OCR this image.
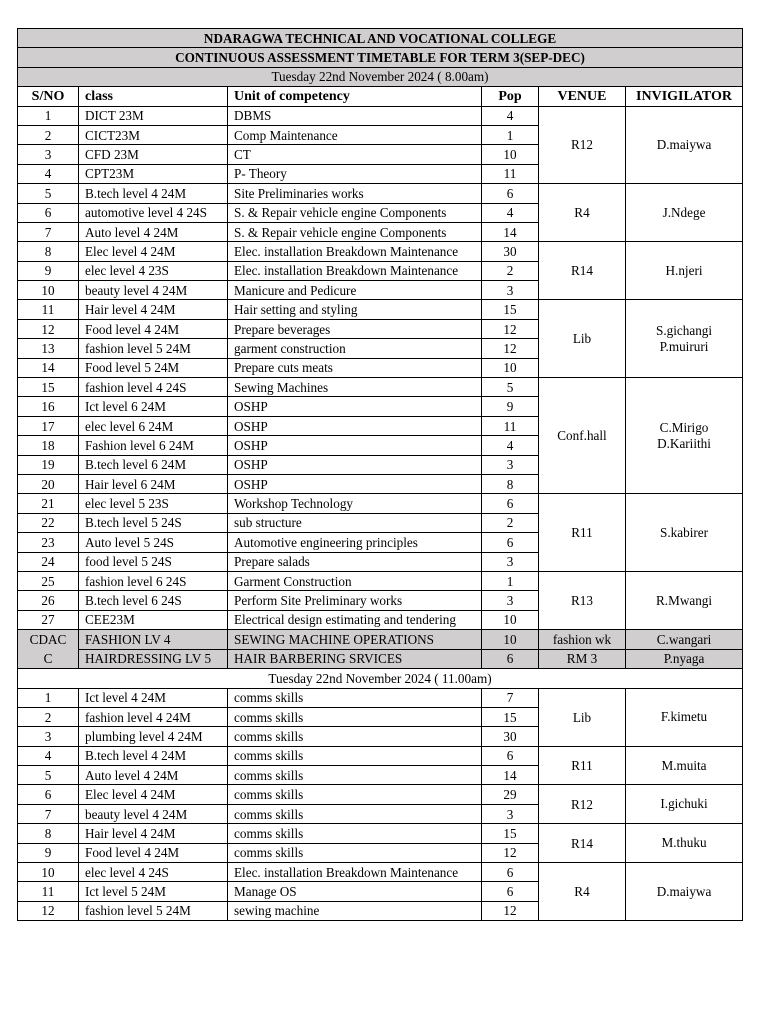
NDARAGWA TECHNICAL AND VOCATIONAL COLLEGE					
CONTINUOUS ASSESSMENT TIMETABLE FOR TERM 3(SEP-DEC)					
Tuesday 22nd November 2024 ( 8.00am)					
S/NO	class	Unit of competency	Pop	VENUE	INVIGILATOR
1	DICT 23M	DBMS	4	R12	D.maiywa
2	CICT23M	Comp Maintenance	1		
3	CFD 23M	CT	10		
4	CPT23M	P- Theory	11		
5	B.tech level 4 24M	Site Preliminaries works	6	R4	J.Ndege
6	automotive level 4 24S	S. & Repair vehicle engine Components	4		
7	Auto level 4 24M	S. & Repair vehicle engine Components	14		
8	Elec level 4 24M	Elec. installation Breakdown Maintenance	30	R14	H.njeri
9	elec level 4 23S	Elec. installation Breakdown Maintenance	2		
10	beauty level 4 24M	Manicure and Pedicure	3		
11	Hair level 4 24M	Hair setting and styling	15	Lib	S.gichangi P.muiruri
12	Food level 4 24M	Prepare beverages	12		
13	fashion level 5 24M	garment construction	12		
14	Food level 5 24M	Prepare cuts meats	10		
15	fashion level 4 24S	Sewing Machines	5	Conf.hall	C.Mirigo D.Kariithi
16	Ict level 6 24M	OSHP	9		
17	elec level 6 24M	OSHP	11		
18	Fashion level 6 24M	OSHP	4		
19	B.tech level 6 24M	OSHP	3		
20	Hair level 6 24M	OSHP	8		
21	elec level 5 23S	Workshop Technology	6	R11	S.kabirer
22	B.tech level 5 24S	sub structure	2		
23	Auto level 5 24S	Automotive engineering principles	6		
24	food level 5 24S	Prepare salads	3		
25	fashion level 6 24S	Garment Construction	1	R13	R.Mwangi
26	B.tech level 6 24S	Perform Site Preliminary works	3		
27	CEE23M	Electrical design estimating and tendering	10		
CDAC C	FASHION LV 4	SEWING MACHINE OPERATIONS	10	fashion wk	C.wangari
	HAIRDRESSING LV 5	HAIR BARBERING SRVICES	6	RM 3	P.nyaga
Tuesday 22nd November 2024 ( 11.00am)					
1	Ict level 4 24M	comms skills	7	Lib	F.kimetu
2	fashion level 4 24M	comms skills	15		
3	plumbing level 4 24M	comms skills	30		
4	B.tech level 4 24M	comms skills	6	R11	M.muita
5	Auto level 4 24M	comms skills	14		
6	Elec level 4 24M	comms skills	29	R12	I.gichuki
7	beauty level 4 24M	comms skills	3		
8	Hair level 4 24M	comms skills	15	R14	M.thuku
9	Food level 4 24M	comms skills	12		
10	elec level 4 24S	Elec. installation Breakdown Maintenance	6	R4	D.maiywa
11	Ict level 5 24M	Manage OS	6		
12	fashion level 5 24M	sewing machine	12		
